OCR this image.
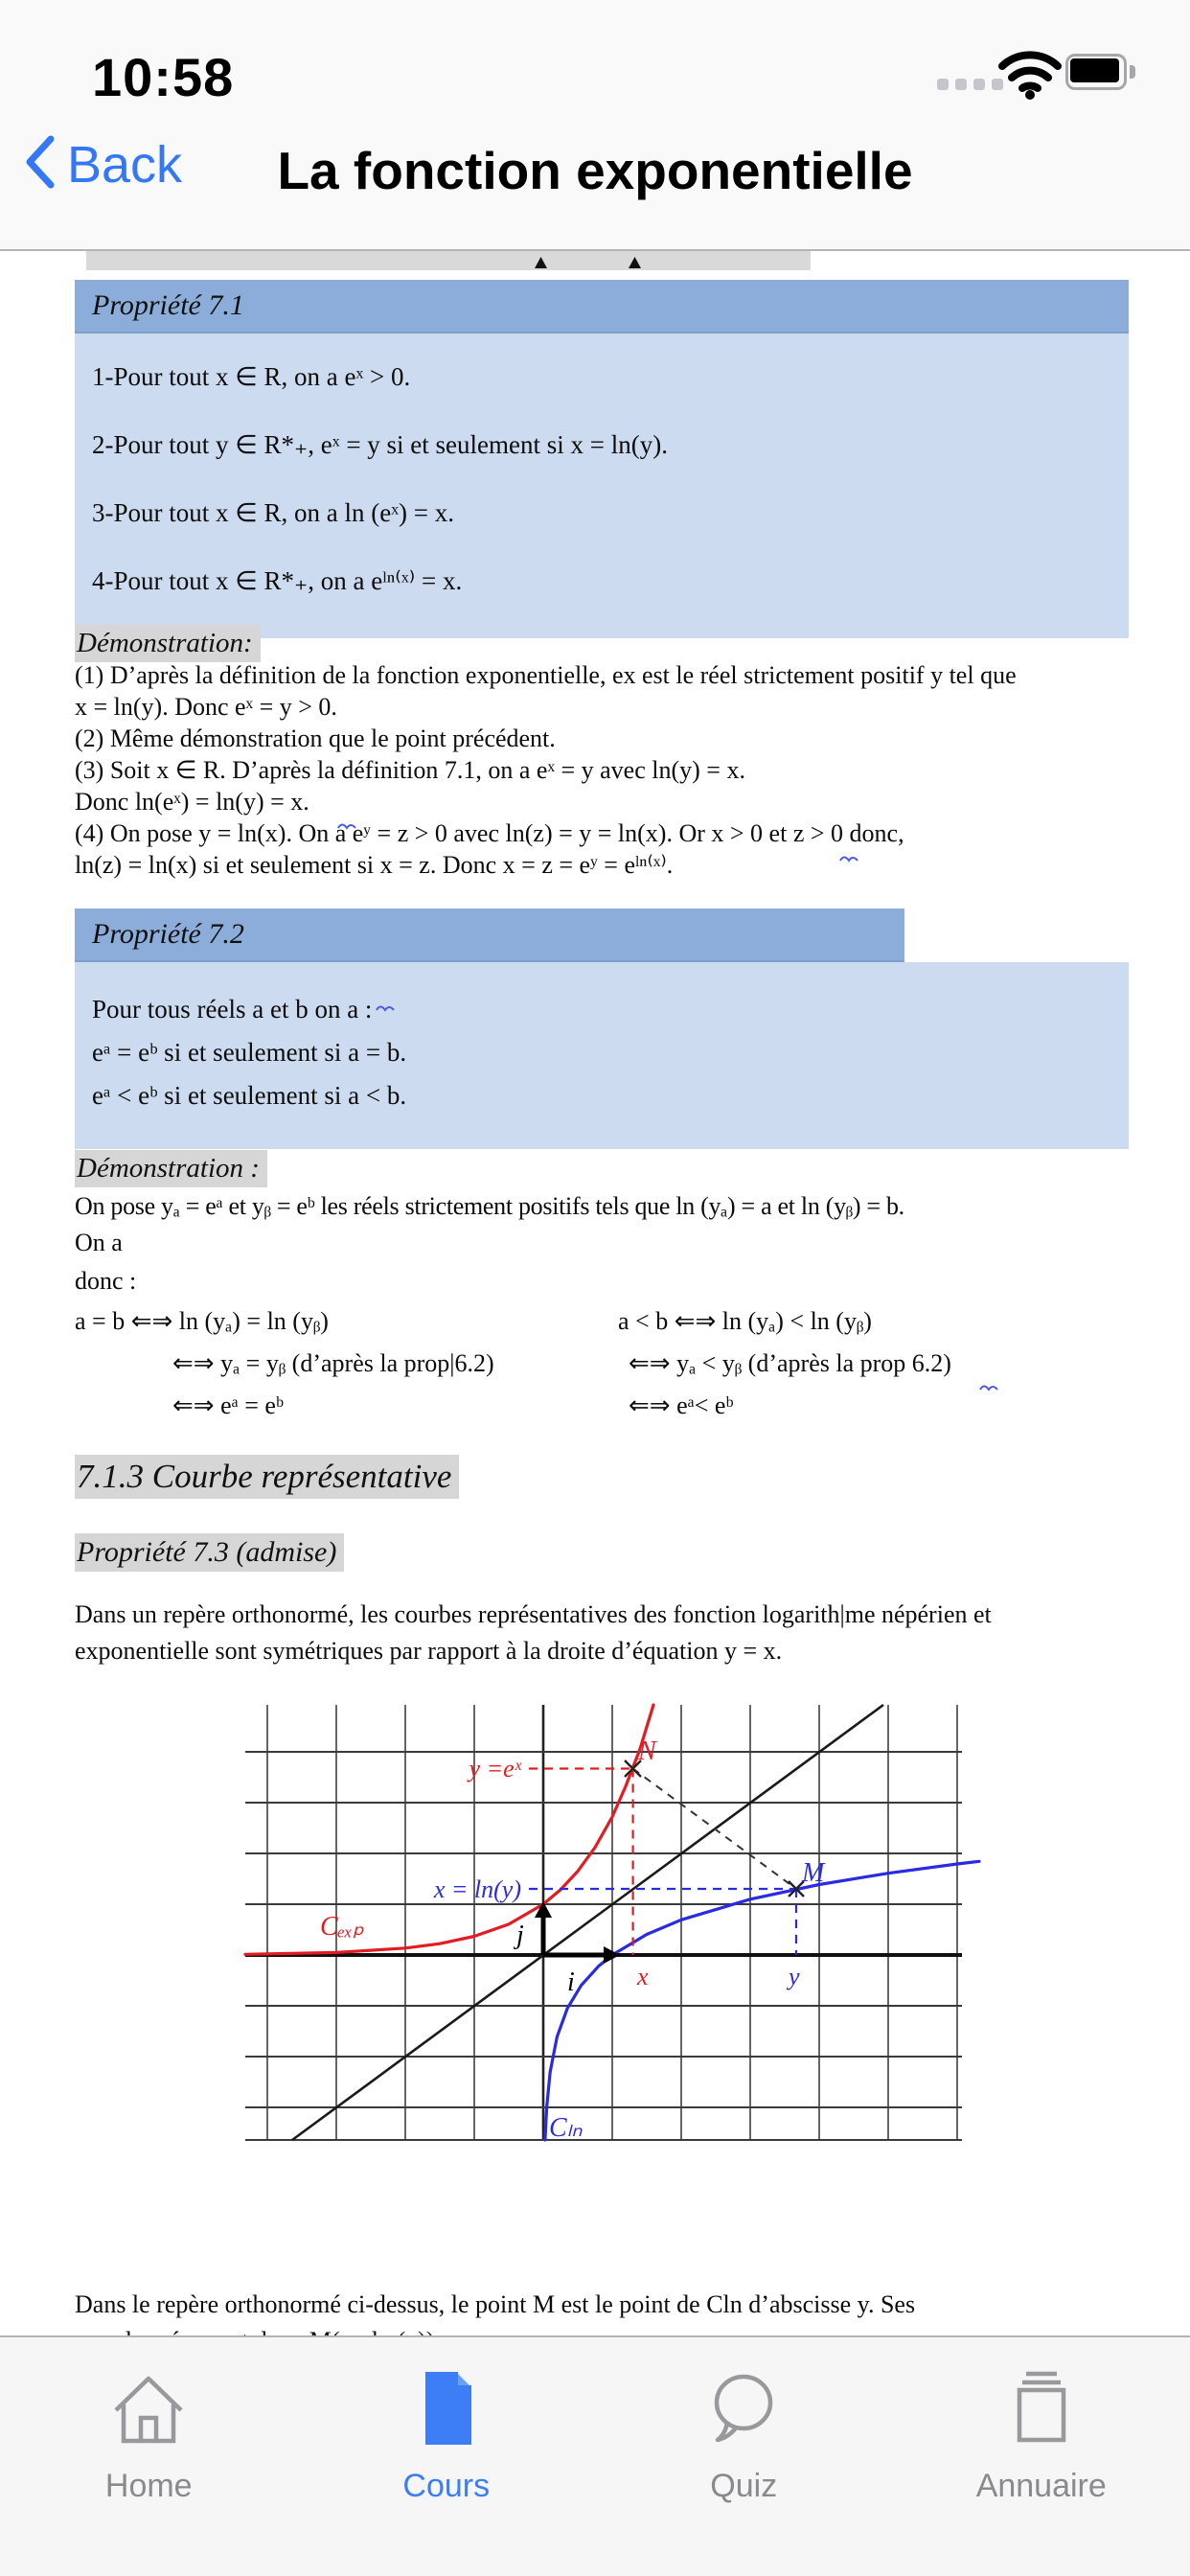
10:58
Back	La fonction exponentielle
Propriété 7.1
1-Pour tout x ∈ R, on a eˣ > 0.
2-Pour tout y ∈ R*₊, eˣ = y si et seulement si x = ln(y).
3-Pour tout x ∈ R, on a ln (eˣ) = x.
4-Pour tout x ∈ R*₊, on a eˡⁿ⁽ˣ⁾ = x.
Démonstration:
(1) D’après la définition de la fonction exponentielle, ex est le réel strictement positif y tel que
x = ln(y). Donc eˣ = y > 0.
(2) Même démonstration que le point précédent.
(3) Soit x ∈ R. D’après la définition 7.1, on a eˣ = y avec ln(y) = x.
Donc ln(eˣ) = ln(y) = x.
(4) On pose y = ln(x). On a eʸ = z > 0 avec ln(z) = y = ln(x). Or x > 0 et z > 0 donc,
ln(z) = ln(x) si et seulement si x = z. Donc x = z = eʸ = eˡⁿ⁽ˣ⁾.
Propriété 7.2
Pour tous réels a et b on a :
eᵃ = eᵇ si et seulement si a = b.
eᵃ < eᵇ si et seulement si a < b.
Démonstration :
On pose yₐ = eᵃ et yᵦ = eᵇ les réels strictement positifs tels que ln (yₐ) = a et ln (yᵦ) = b.
On a
donc :
a = b ⇐⇒ ln (yₐ) = ln (yᵦ)
⇐⇒ yₐ = yᵦ (d’après la prop|6.2)
⇐⇒ eᵃ = eᵇ
a < b ⇐⇒ ln (yₐ) < ln (yᵦ)
⇐⇒ yₐ < yᵦ (d’après la prop 6.2)
⇐⇒ eᵃ< eᵇ
7.1.3 Courbe représentative
Propriété 7.3 (admise)
Dans un repère orthonormé, les courbes représentatives des fonction logarith|me népérien et
exponentielle sont symétriques par rapport à la droite d’équation y = x.
y =eˣ
N
x = ln(y)
M
Cₑₓₚ
Cₗₙ
i⃗
j⃗
x	y
Dans le repère orthonormé ci-dessus, le point M est le point de Cln d’abscisse y. Ses
Home	Cours	Quiz	Annuaire
